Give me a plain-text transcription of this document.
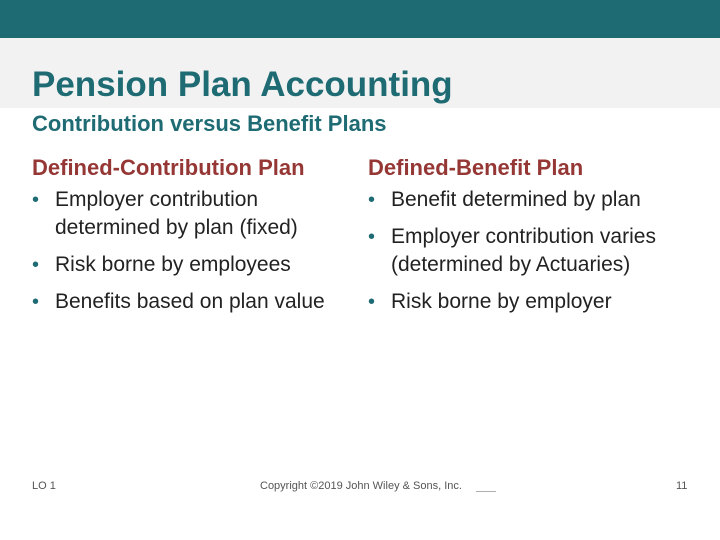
Pension Plan Accounting
Contribution versus Benefit Plans
Defined-Contribution Plan
• Employer contribution determined by plan (fixed)
• Risk borne by employees
• Benefits based on plan value
Defined-Benefit Plan
• Benefit determined by plan
• Employer contribution varies (determined by Actuaries)
• Risk borne by employer
LO 1	Copyright ©2019 John Wiley & Sons, Inc.	11
